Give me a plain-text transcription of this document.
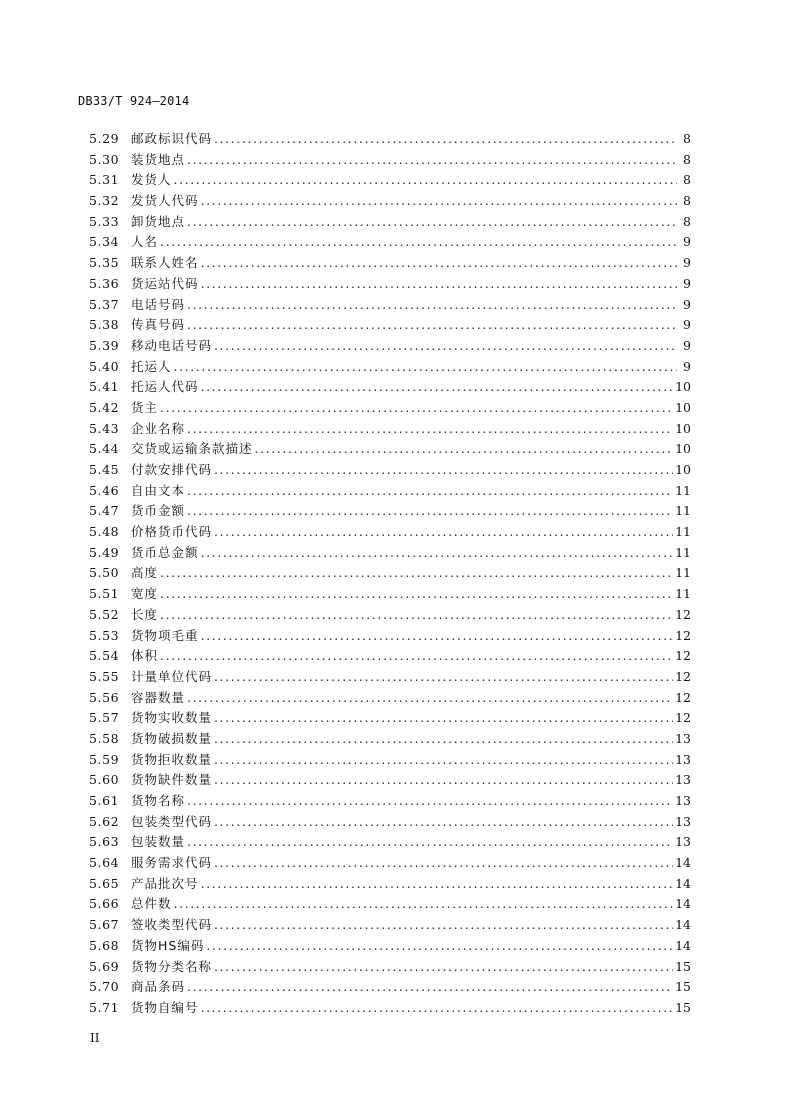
DB33/T 924—2014
5.29 邮政标识代码 .....	8
5.30 装货地点 .....	8
5.31 发货人 .....	8
5.32 发货人代码 .....	8
5.33 卸货地点 .....	8
5.34 人名 .....	9
5.35 联系人姓名 .....	9
5.36 货运站代码 .....	9
5.37 电话号码 .....	9
5.38 传真号码 .....	9
5.39 移动电话号码 .....	9
5.40 托运人 .....	9
5.41 托运人代码 .....	10
5.42 货主 .....	10
5.43 企业名称 .....	10
5.44 交货或运输条款描述 .....	10
5.45 付款安排代码 .....	10
5.46 自由文本 .....	11
5.47 货币金额 .....	11
5.48 价格货币代码 .....	11
5.49 货币总金额 .....	11
5.50 高度 .....	11
5.51 宽度 .....	11
5.52 长度 .....	12
5.53 货物项毛重 .....	12
5.54 体积 .....	12
5.55 计量单位代码 .....	12
5.56 容器数量 .....	12
5.57 货物实收数量 .....	12
5.58 货物破损数量 .....	13
5.59 货物拒收数量 .....	13
5.60 货物缺件数量 .....	13
5.61 货物名称 .....	13
5.62 包装类型代码 .....	13
5.63 包装数量 .....	13
5.64 服务需求代码 .....	14
5.65 产品批次号 .....	14
5.66 总件数 .....	14
5.67 签收类型代码 .....	14
5.68 货物HS编码 .....	14
5.69 货物分类名称 .....	15
5.70 商品条码 .....	15
5.71 货物自编号 .....	15
II
